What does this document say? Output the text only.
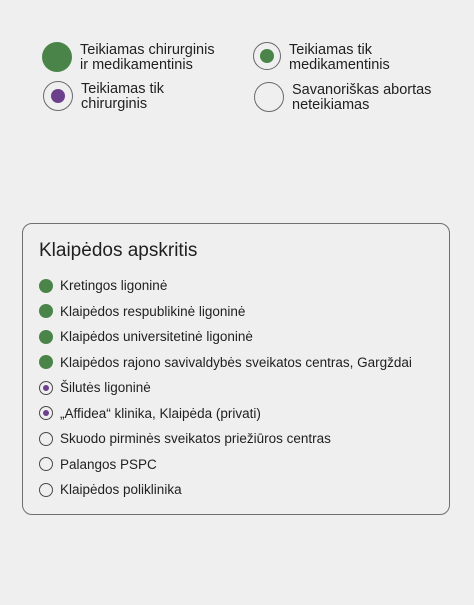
Teikiamas chirurginis
ir medikamentinis
Teikiamas tik
medikamentinis
Teikiamas tik
chirurginis
Savanoriškas abortas
neteikiamas
Klaipėdos apskritis
Kretingos ligoninė
Klaipėdos respublikinė ligoninė
Klaipėdos universitetinė ligoninė
Klaipėdos rajono savivaldybės sveikatos centras, Gargždai
Šilutės ligoninė
„Affidea“ klinika, Klaipėda (privati)
Skuodo pirminės sveikatos priežiūros centras
Palangos PSPC
Klaipėdos poliklinika
